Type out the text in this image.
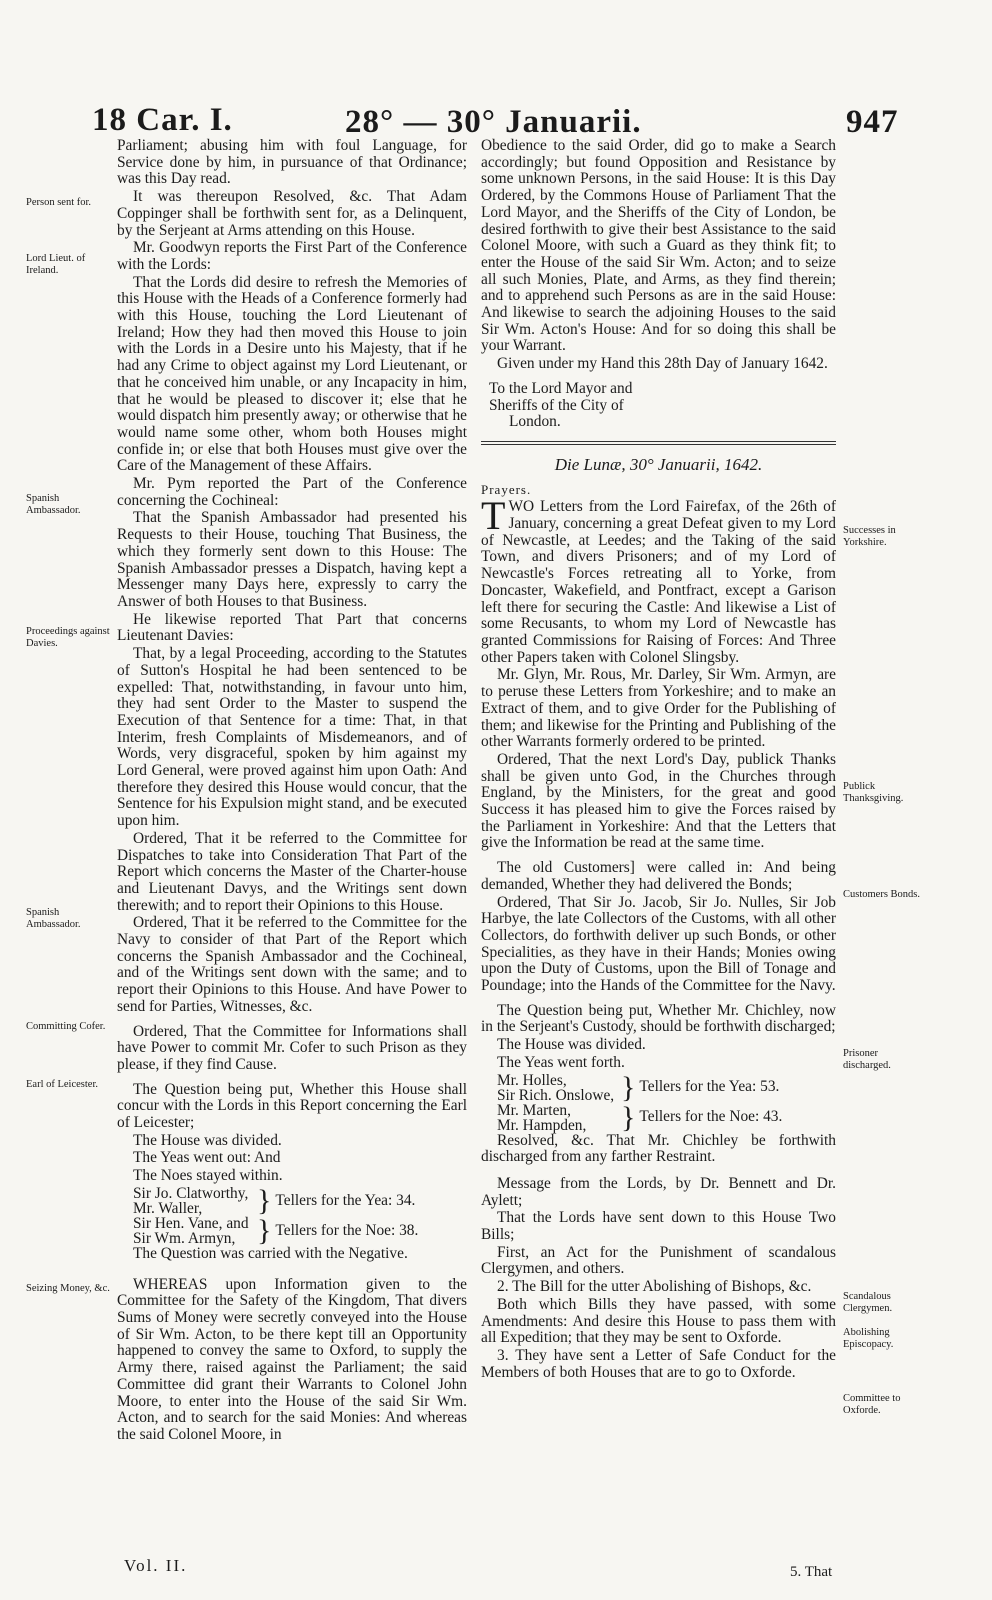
18 Car. I.	28° — 30° Januarii.	947
Person sent for.
Lord Lieut. of Ireland.
Spanish Ambassador.
Proceedings against Davies.
Spanish Ambassador.
Committing Cofer.
Earl of Leicester.
Seizing Money, &c.
Successes in Yorkshire.
Publick Thanksgiving.
Customers Bonds.
Prisoner discharged.
Scandalous Clergymen.
Abolishing Episcopacy.
Committee to Oxforde.

Parliament; abusing him with foul Language, for Service done by him, in pursuance of that Ordinance; was this Day read.

It was thereupon Resolved, &c. That Adam Coppinger shall be forthwith sent for, as a Delinquent, by the Serjeant at Arms attending on this House.

Mr. Goodwyn reports the First Part of the Conference with the Lords:

That the Lords did desire to refresh the Memories of this House with the Heads of a Conference formerly had with this House, touching the Lord Lieutenant of Ireland; How they had then moved this House to join with the Lords in a Desire unto his Majesty, that if he had any Crime to object against my Lord Lieutenant, or that he conceived him unable, or any Incapacity in him, that he would be pleased to discover it; else that he would dispatch him presently away; or otherwise that he would name some other, whom both Houses might confide in; or else that both Houses must give over the Care of the Management of these Affairs.

Mr. Pym reported the Part of the Conference concerning the Cochineal:

That the Spanish Ambassador had presented his Requests to their House, touching That Business, the which they formerly sent down to this House: The Spanish Ambassador presses a Dispatch, having kept a Messenger many Days here, expressly to carry the Answer of both Houses to that Business.

He likewise reported That Part that concerns Lieutenant Davies:

That, by a legal Proceeding, according to the Statutes of Sutton's Hospital he had been sentenced to be expelled: That, notwithstanding, in favour unto him, they had sent Order to the Master to suspend the Execution of that Sentence for a time: That, in that Interim, fresh Complaints of Misdemeanors, and of Words, very disgraceful, spoken by him against my Lord General, were proved against him upon Oath: And therefore they desired this House would concur, that the Sentence for his Expulsion might stand, and be executed upon him.

Ordered, That it be referred to the Committee for Dispatches to take into Consideration That Part of the Report which concerns the Master of the Charter-house and Lieutenant Davys, and the Writings sent down therewith; and to report their Opinions to this House.

Ordered, That it be referred to the Committee for the Navy to consider of that Part of the Report which concerns the Spanish Ambassador and the Cochineal, and of the Writings sent down with the same; and to report their Opinions to this House. And have Power to send for Parties, Witnesses, &c.

Ordered, That the Committee for Informations shall have Power to commit Mr. Cofer to such Prison as they please, if they find Cause.

The Question being put, Whether this House shall concur with the Lords in this Report concerning the Earl of Leicester;

The House was divided.

The Yeas went out: And

The Noes stayed within.

Sir Jo. Clatworthy,
Mr. Waller,	} Tellers for the Yea: 34.
Sir Hen. Vane, and
Sir Wm. Armyn, } Tellers for the Noe: 38.

The Question was carried with the Negative.

WHEREAS upon Information given to the Committee for the Safety of the Kingdom, That divers Sums of Money were secretly conveyed into the House of Sir Wm. Acton, to be there kept till an Opportunity happened to convey the same to Oxford, to supply the Army there, raised against the Parliament; the said Committee did grant their Warrants to Colonel John Moore, to enter into the House of the said Sir Wm. Acton, and to search for the said Monies: And whereas the said Colonel Moore, in

Obedience to the said Order, did go to make a Search accordingly; but found Opposition and Resistance by some unknown Persons, in the said House: It is this Day Ordered, by the Commons House of Parliament That the Lord Mayor, and the Sheriffs of the City of London, be desired forthwith to give their best Assistance to the said Colonel Moore, with such a Guard as they think fit; to enter the House of the said Sir Wm. Acton; and to seize all such Monies, Plate, and Arms, as they find therein; and to apprehend such Persons as are in the said House: And likewise to search the adjoining Houses to the said Sir Wm. Acton's House: And for so doing this shall be your Warrant.

Given under my Hand this 28th Day of January 1642.

To the Lord Mayor and

Sheriffs of the City of

London.

Die Lunæ, 30° Januarii, 1642.

Prayers.

TWO Letters from the Lord Fairefax, of the 26th of January, concerning a great Defeat given to my Lord of Newcastle, at Leedes; and the Taking of the said Town, and divers Prisoners; and of my Lord of Newcastle's Forces retreating all to Yorke, from Doncaster, Wakefield, and Pontfract, except a Garison left there for securing the Castle: And likewise a List of some Recusants, to whom my Lord of Newcastle has granted Commissions for Raising of Forces: And Three other Papers taken with Colonel Slingsby.

Mr. Glyn, Mr. Rous, Mr. Darley, Sir Wm. Armyn, are to peruse these Letters from Yorkeshire; and to make an Extract of them, and to give Order for the Publishing of them; and likewise for the Printing and Publishing of the other Warrants formerly ordered to be printed.

Ordered, That the next Lord's Day, publick Thanks shall be given unto God, in the Churches through England, by the Ministers, for the great and good Success it has pleased him to give the Forces raised by the Parliament in Yorkeshire: And that the Letters that give the Information be read at the same time.

The old Customers] were called in: And being demanded, Whether they had delivered the Bonds;

Ordered, That Sir Jo. Jacob, Sir Jo. Nulles, Sir Job Harbye, the late Collectors of the Customs, with all other Collectors, do forthwith deliver up such Bonds, or other Specialities, as they have in their Hands; Monies owing upon the Duty of Customs, upon the Bill of Tonage and Poundage; into the Hands of the Committee for the Navy.

The Question being put, Whether Mr. Chichley, now in the Serjeant's Custody, should be forthwith discharged;

The House was divided.

The Yeas went forth.

Mr. Holles,
Sir Rich. Onslowe, } Tellers for the Yea: 53.
Mr. Marten,
Mr. Hampden,	} Tellers for the Noe: 43.

Resolved, &c. That Mr. Chichley be forthwith discharged from any farther Restraint.

Message from the Lords, by Dr. Bennett and Dr. Aylett;

That the Lords have sent down to this House Two Bills;

First, an Act for the Punishment of scandalous Clergymen, and others.

2. The Bill for the utter Abolishing of Bishops, &c.

Both which Bills they have passed, with some Amendments: And desire this House to pass them with all Expedition; that they may be sent to Oxforde.

3. They have sent a Letter of Safe Conduct for the Members of both Houses that are to go to Oxforde.

Vol. II.	5. That
